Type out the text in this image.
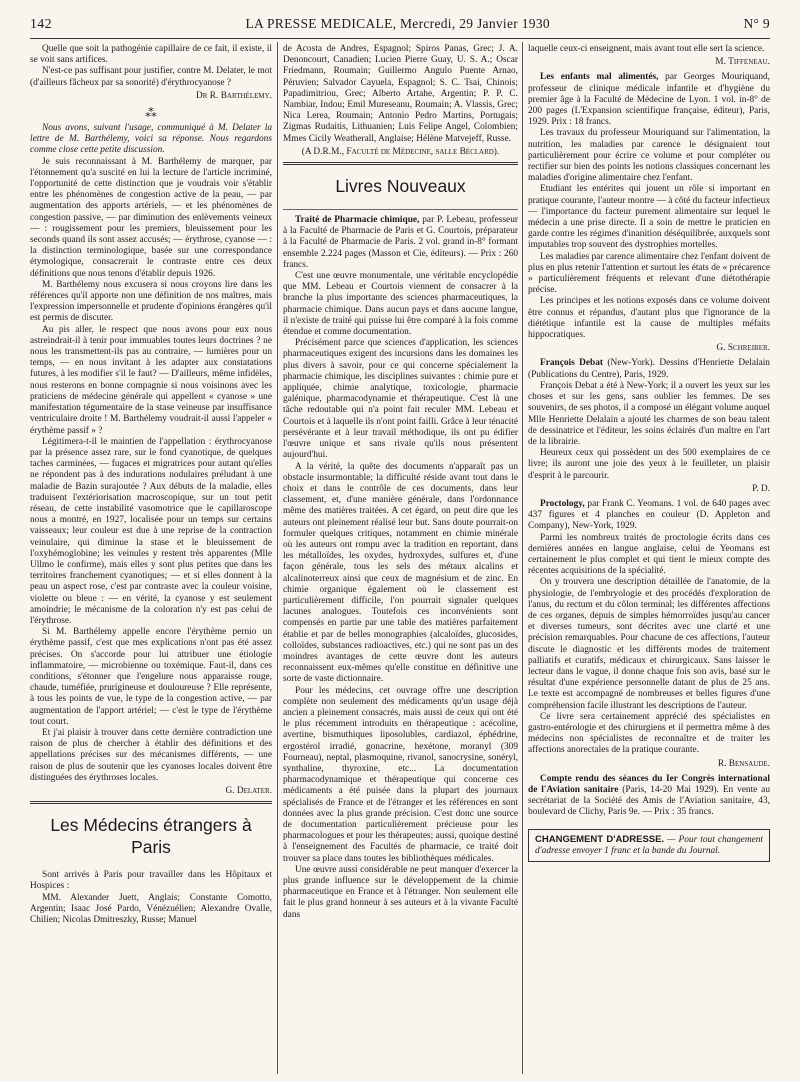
142	LA PRESSE MEDICALE, Mercredi, 29 Janvier 1930	N° 9

Quelle que soit la pathogénie capillaire de ce fait, il existe, il se voit sans artifices.

N'est-ce pas suffisant pour justifier, contre M. Delater, le mot (d'ailleurs fâcheux par sa sonorité) d'érythrocyanose ?

Dr R. Barthélemy.

⁂

Nous avons, suivant l'usage, communiqué à M. Delater la lettre de M. Barthélemy, voici sa réponse. Nous regardons comme close cette petite discussion.

Je suis reconnaissant à M. Barthélemy de marquer, par l'étonnement qu'a suscité en lui la lecture de l'article incriminé, l'opportunité de cette distinction que je voudrais voir s'établir entre les phénomènes de congestion active de la peau, — par augmentation des apports artériels, — et les phénomènes de congestion passive, — par diminution des enlèvements veineux — : rougissement pour les premiers, bleuissement pour les seconds quand ils sont assez accusés; — érythrose, cyanose — : la distinction terminologique, basée sur une correspondance étymologique, consacrerait le contraste entre ces deux définitions que nous tenons d'établir depuis 1926.

M. Barthélemy nous excusera si nous croyons lire dans les références qu'il apporte non une définition de nos maîtres, mais l'expression impersonnelle et prudente d'opinions érangères qu'il est permis de discuter.

Au pis aller, le respect que nous avons pour eux nous astreindrait-il à tenir pour immuables toutes leurs doctrines ? ne nous les transmettent-ils pas au contraire, — lumières pour un temps, — en nous invitant à les adapter aux constatations futures, à les modifier s'il le faut? — D'ailleurs, même infidèles, nous resterons en bonne compagnie si nous voisinons avec les praticiens de médecine générale qui appellent « cyanose » une manifestation tégumentaire de la stase veineuse par insuffisance ventriculaire droite ! M. Barthélemy voudrait-il aussi l'appeler « érythème passif » ?

Légitimera-t-il le maintien de l'appellation : érythrocyanose par la présence assez rare, sur le fond cyanotique, de quelques taches carminées, — fugaces et migratrices pour autant qu'elles ne répondent pas à des indurations nodulaires préludant à une maladie de Bazin surajoutée ? Aux débuts de la maladie, elles traduisent l'extériorisation macroscopique, sur un tout petit réseau, de cette instabilité vasomotrice que le capillaroscope nous a montré, en 1927, localisée pour un temps sur certains vaisseaux; leur couleur est due à une reprise de la contraction veinulaire, qui diminue la stase et le bleuissement de l'oxyhémoglobine; les veinules y restent très apparentes (Mlle Ullmo le confirme), mais elles y sont plus petites que dans les territoires franchement cyanotiques; — et si elles donnent à la peau un aspect rose, c'est par contraste avec la couleur voisine, violette ou bleue : — en vérité, la cyanose y est seulement amoindrie; le mécanisme de la coloration n'y est pas celui de l'érythrose.

Si M. Barthélemy appelle encore l'érythème pernio un érythème passif, c'est que mes explications n'ont pas été assez précises. On s'accorde pour lui attribuer une étiologie inflammatoire, — microbienne ou toxémique. Faut-il, dans ces conditions, s'étonner que l'engelure nous apparaisse rouge, chaude, tuméfiée, prurigineuse et douloureuse ? Elle représente, à tous les points de vue, le type de la congestion active, — par augmentation de l'apport artériel; — c'est le type de l'érythème tout court.

Et j'ai plaisir à trouver dans cette dernière contradiction une raison de plus de chercher à établir des définitions et des appellations précises sur des mécanismes différents, — une raison de plus de soutenir que les cyanoses locales doivent être distinguées des érythroses locales.

G. Delater.

Les Médecins étrangers à Paris

Sont arrivés à Paris pour travailler dans les Hôpitaux et Hospices :

MM. Alexander Juett, Anglais; Constante Comotto, Argentin; Isaac José Pardo, Vénézuélien; Alexandre Ovalle, Chilien; Nicolas Dmitreszky, Russe; Manuel

de Acosta de Andres, Espagnol; Spiros Panas, Grec; J. A. Denoncourt, Canadien; Lucien Pierre Guay, U. S. A.; Oscar Friedmann, Roumain; Guillermo Angulo Puente Arnao, Péruvien; Salvador Cayuela, Espagnol; S. C. Tsai, Chinois; Papadimitriou, Grec; Alberto Artahe, Argentin; P. P. C. Nambiar, Indou; Emil Mureseanu, Roumain; A. Vlassis, Grec; Nica Lerea, Roumain; Antonio Pedro Martins, Portugais; Zigmas Rudaitis, Lithuanien; Luis Felipe Angel, Colombien; Mmes Cicily Weatherall, Anglaise; Hélène Matvejeff, Russe.

(A D.R.M., Faculté de Médecine, salle Béclard).

Livres Nouveaux

Traité de Pharmacie chimique, par P. Lebeau, professeur à la Faculté de Pharmacie de Paris et G. Courtois, préparateur à la Faculté de Pharmacie de Paris. 2 vol. grand in-8° formant ensemble 2.224 pages (Masson et Cie, éditeurs). — Prix : 260 francs.

C'est une œuvre monumentale, une véritable encyclopédie que MM. Lebeau et Courtois viennent de consacrer à la branche la plus importante des sciences pharmaceutiques, la pharmacie chimique. Dans aucun pays et dans aucune langue, il n'existe de traité qui puisse lui être comparé à la fois comme étendue et comme documentation.

Précisément parce que sciences d'application, les sciences pharmaceutiques exigent des incursions dans les domaines les plus divers à savoir, pour ce qui concerne spécialement la pharmacie chimique, les disciplines suivantes : chimie pure et appliquée, chimie analytique, toxicologie, pharmacie galénique, pharmacodynamie et thérapeutique. C'est là une tâche redoutable qui n'a point fait reculer MM. Lebeau et Courtois et à laquelle ils n'ont point failli. Grâce à leur ténacité persévérante et à leur travail méthodique, ils ont pu édifier l'œuvre unique et sans rivale qu'ils nous présentent aujourd'hui.

A la vérité, la quête des documents n'apparaît pas un obstacle insurmontable; la difficulté réside avant tout dans le choix et dans le contrôle de ces documents, dans leur classement, et, d'une manière générale, dans l'ordonnance même des matières traitées. A cet égard, on peut dire que les auteurs ont pleinement réalisé leur but. Sans doute pourrait-on formuler quelques critiques, notamment en chimie minérale où les auteurs ont rompu avec la tradition en reportant, dans les métalloïdes, les oxydes, hydroxydes, sulfures et, d'une façon générale, tous les sels des métaux alcalins et alcalinoterreux ainsi que ceux de magnésium et de zinc. En chimie organique également où le classement est particulièrement difficile, l'on pourrait signaler quelques lacunes analogues. Toutefois ces inconvénients sont compensés en partie par une table des matières parfaitement établie et par de belles monographies (alcaloïdes, glucosides, colloïdes, substances radioactives, etc.) qui ne sont pas un des moindres avantages de cette œuvre dont les auteurs reconnaissent eux-mêmes qu'elle constitue en définitive une sorte de vaste dictionnaire.

Pour les médecins, cet ouvrage offre une description complète non seulement des médicaments qu'un usage déjà ancien a pleinement consacrés, mais aussi de ceux qui ont été le plus récemment introduits en thérapeutique : acécoline, avertine, bismuthiques liposolubles, cardiazol, éphédrine, ergostérol irradié, gonacrine, hexétone, moranyl (309 Fourneau), neptal, plasmoquine, rivanol, sanocrysine, sonéryl, synthaline, thyroxine, etc... La documentation pharmacodynamique et thérapeutique qui concerne ces médicaments a été puisée dans la plupart des journaux spécialisés de France et de l'étranger et les références en sont données avec la plus grande précision. C'est donc une source de documentation particulièrement précieuse pour les pharmacologues et pour les thérapeutes; aussi, quoique destiné à l'enseignement des Facultés de pharmacie, ce traité doit trouver sa place dans toutes les bibliothèques médicales.

Une œuvre aussi considérable ne peut manquer d'exercer la plus grande influence sur le développement de la chimie pharmaceutique en France et à l'étranger. Non seulement elle fait le plus grand honneur à ses auteurs et à la vivante Faculté dans

laquelle ceux-ci enseignent, mais avant tout elle sert la science.

M. Tiffeneau.

Les enfants mal alimentés, par Georges Mouriquand, professeur de clinique médicale infantile et d'hygiène du premier âge à la Faculté de Médecine de Lyon. 1 vol. in-8° de 200 pages (L'Expansion scientifique française, éditeur), Paris, 1929. Prix : 18 francs.

Les travaux du professeur Mouriquand sur l'alimentation, la nutrition, les maladies par carence le désignaient tout particulièrement pour écrire ce volume et pour compléter ou rectifier sur bien des points les notions classiques concernant les maladies d'origine alimentaire chez l'enfant.

Etudiant les entérites qui jouent un rôle si important en pratique courante, l'auteur montre — à côté du facteur infectieux — l'importance du facteur purement alimentaire sur lequel le médecin a une prise directe. Il a soin de mettre le praticien en garde contre les régimes d'inanition déséquilibrée, auxquels sont imputables trop souvent des dystrophies mortelles.

Les maladies par carence alimentaire chez l'enfant doivent de plus en plus retenir l'attention et surtout les états de « précarence » particulièrement fréquents et relevant d'une diétothérapie précise.

Les principes et les notions exposés dans ce volume doivent être connus et répandus, d'autant plus que l'ignorance de la diététique infantile est la cause de multiples méfaits hippocratiques.

G. Schreiber.

François Debat (New-York). Dessins d'Henriette Delalain (Publications du Centre), Paris, 1929.

François Debat a été à New-York; il a ouvert les yeux sur les choses et sur les gens, sans oublier les femmes. De ses souvenirs, de ses photos, il a composé un élégant volume auquel Mlle Henriette Delalain a ajouté les charmes de son beau talent de dessinatrice et l'éditeur, les soins éclairés d'un maître en l'art de la librairie.

Heureux ceux qui possèdent un des 500 exemplaires de ce livre; ils auront une joie des yeux à le feuilleter, un plaisir d'esprit à le parcourir.

P. D.

Proctology, par Frank C. Yeomans. 1 vol. de 640 pages avec 437 figures et 4 planches en couleur (D. Appleton and Company), New-York, 1929.

Parmi les nombreux traités de proctologie écrits dans ces dernières années en langue anglaise, celui de Yeomans est certainement le plus complet et qui tient le mieux compte des récentes acquisitions de la spécialité.

On y trouvera une description détaillée de l'anatomie, de la physiologie, de l'embryologie et des procédés d'exploration de l'anus, du rectum et du côlon terminal; les différentes affections de ces organes, depuis de simples hémorroïdes jusqu'au cancer et diverses tumeurs, sont décrites avec une clarté et une précision remarquables. Pour chacune de ces affections, l'auteur discute le diagnostic et les différents modes de traitement palliatifs et curatifs, médicaux et chirurgicaux. Sans laisser le lecteur dans le vague, il donne chaque fois son avis, basé sur le résultat d'une expérience personnelle datant de plus de 25 ans. Le texte est accompagné de nombreuses et belles figures d'une compréhension facile illustrant les descriptions de l'auteur.

Ce livre sera certainement apprécié des spécialistes en gastro-entérologie et des chirurgiens et il permettra même à des médecins non spécialistes de reconnaître et de traiter les affections anorectales de la pratique courante.

R. Bensaude.

Compte rendu des séances du Ier Congrès international de l'Aviation sanitaire (Paris, 14-20 Mai 1929). En vente au secrétariat de la Société des Amis de l'Aviation sanitaire, 43, boulevard de Clichy, Paris 9e. — Prix : 35 francs.

CHANGEMENT D'ADRESSE. — Pour tout changement d'adresse envoyer 1 franc et la bande du Journal.
